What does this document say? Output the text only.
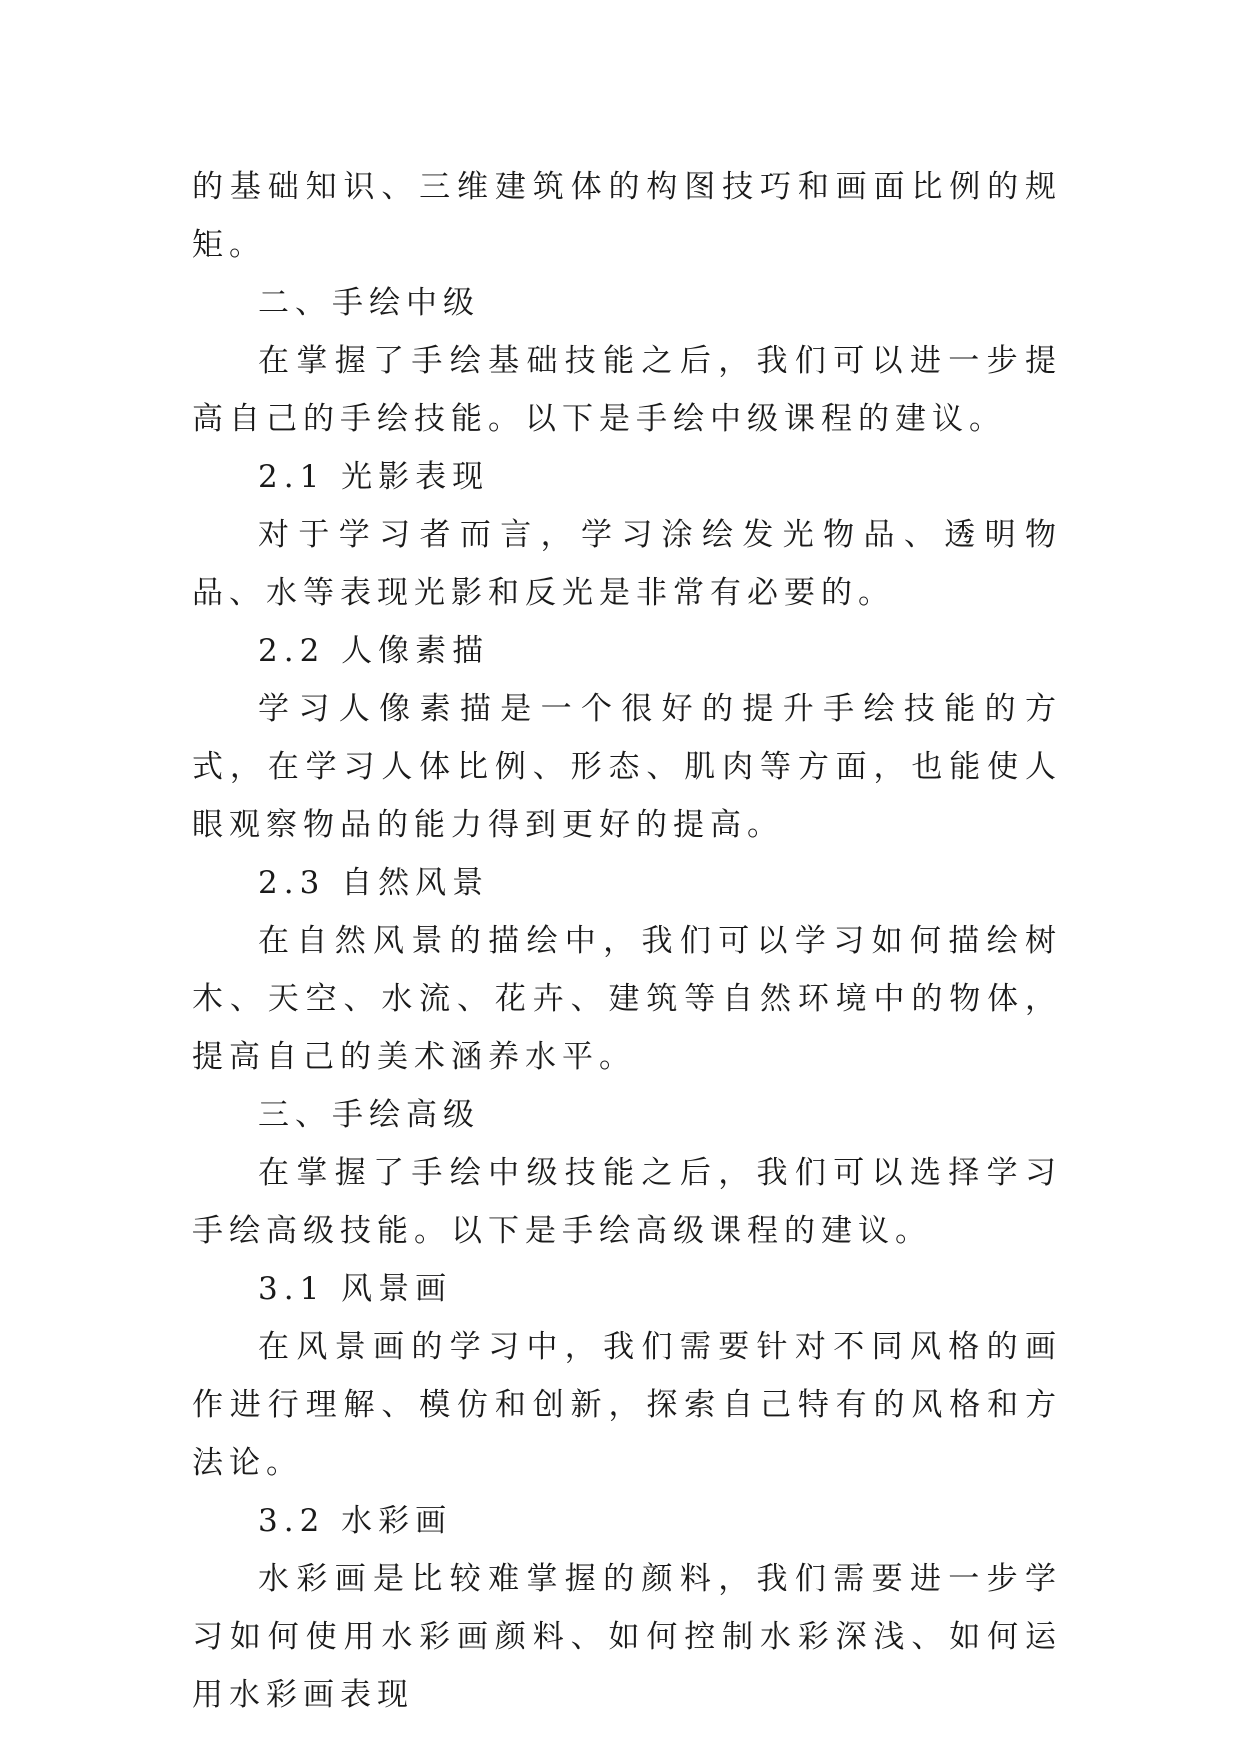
的基础知识、三维建筑体的构图技巧和画面比例的规矩。

二、手绘中级

在掌握了手绘基础技能之后，我们可以进一步提高自己的手绘技能。以下是手绘中级课程的建议。

2.1 光影表现

对于学习者而言，学习涂绘发光物品、透明物品、水等表现光影和反光是非常有必要的。

2.2 人像素描

学习人像素描是一个很好的提升手绘技能的方式，在学习人体比例、形态、肌肉等方面，也能使人眼观察物品的能力得到更好的提高。

2.3 自然风景

在自然风景的描绘中，我们可以学习如何描绘树木、天空、水流、花卉、建筑等自然环境中的物体，提高自己的美术涵养水平。

三、手绘高级

在掌握了手绘中级技能之后，我们可以选择学习手绘高级技能。以下是手绘高级课程的建议。

3.1 风景画

在风景画的学习中，我们需要针对不同风格的画作进行理解、模仿和创新，探索自己特有的风格和方法论。

3.2 水彩画

水彩画是比较难掌握的颜料，我们需要进一步学习如何使用水彩画颜料、如何控制水彩深浅、如何运用水彩画表现
